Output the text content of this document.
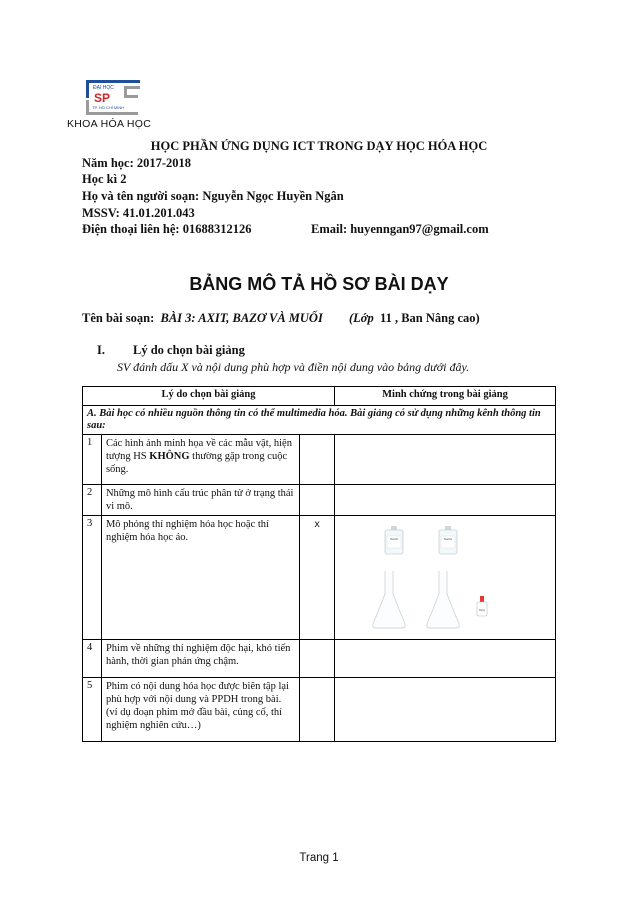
ĐẠI HỌC
SP
TP. HỒ CHÍ MINH
KHOA HÓA HỌC
HỌC PHẦN ỨNG DỤNG ICT TRONG DẠY HỌC HÓA HỌC
Năm học: 2017-2018
Học kì 2
Họ và tên người soạn: Nguyễn Ngọc Huyền Ngân
MSSV: 41.01.201.043
Điện thoại liên hệ: 01688312126	Email: huyenngan97@gmail.com
BẢNG MÔ TẢ HỒ SƠ BÀI DẠY
Tên bài soạn: BÀI 3: AXIT, BAZƠ VÀ MUỐI (Lớp 11 , Ban Nâng cao)
I. Lý do chọn bài giảng
SV đánh dấu X và nội dung phù hợp và điền nội dung vào bảng dưới đây.
Lý do chọn bài giảng			Minh chứng trong bài giảng
A. Bài học có nhiều nguồn thông tin có thể multimedia hóa. Bài giảng có sử dụng những kênh thông tin sau:			
1	Các hình ảnh minh họa về các mẫu vật, hiện tượng HS KHÔNG thường gặp trong cuộc sống.		
2	Những mô hình cấu trúc phân tử ở trạng thái vi mô.		
3	Mô phỏng thí nghiệm hóa học hoặc thí nghiệm hóa học ảo.	x	NaOH NaOH
Dd(s)

4	Phim về những thí nghiệm độc hại, khó tiến hành, thời gian phản ứng chậm.		
5	Phim có nội dung hóa học được biên tập lại phù hợp với nội dung và PPDH trong bài. (ví dụ đoạn phim mở đầu bài, củng cố, thí nghiệm nghiên cứu…)		
Trang 1
